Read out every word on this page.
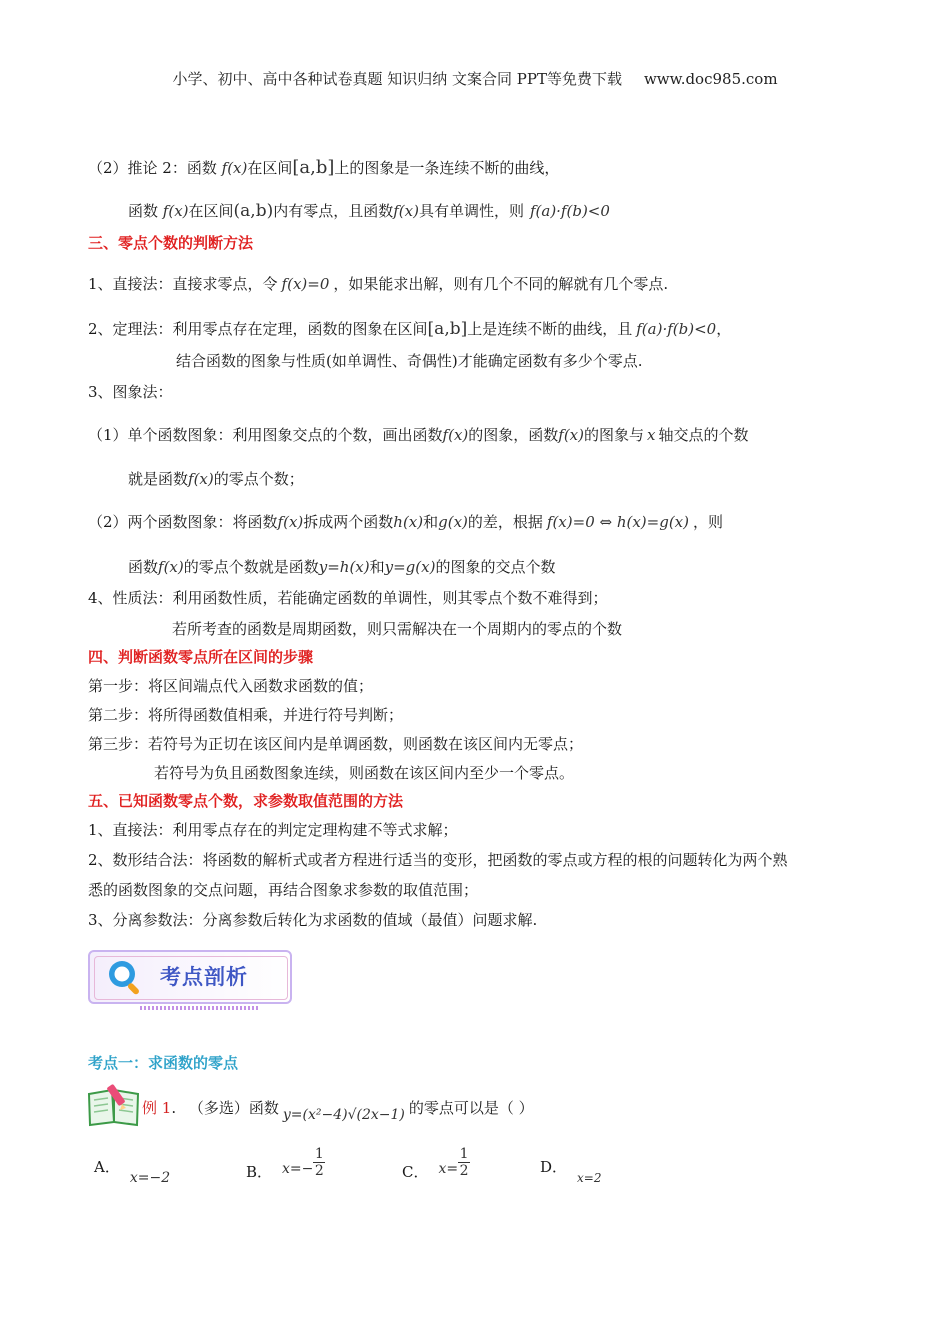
小学、初中、高中各种试卷真题 知识归纳 文案合同 PPT等免费下载 www.doc985.com
（2）推论 2：函数 f(x)在区间[a,b]上的图象是一条连续不断的曲线，
函数 f(x)在区间(a,b)内有零点，且函数f(x)具有单调性，则 f(a)·f(b)<0
三、零点个数的判断方法
1、直接法：直接求零点，令 f(x)=0 ，如果能求出解，则有几个不同的解就有几个零点.
2、定理法：利用零点存在定理，函数的图象在区间[a,b]上是连续不断的曲线，且 f(a)·f(b)<0，
结合函数的图象与性质(如单调性、奇偶性)才能确定函数有多少个零点.
3、图象法：
（1）单个函数图象：利用图象交点的个数，画出函数f(x)的图象，函数f(x)的图象与 x 轴交点的个数
就是函数f(x)的零点个数；
（2）两个函数图象：将函数f(x)拆成两个函数h(x)和g(x)的差，根据 f(x)=0 ⇔ h(x)=g(x) ，则
函数f(x)的零点个数就是函数y=h(x)和y=g(x)的图象的交点个数
4、性质法：利用函数性质，若能确定函数的单调性，则其零点个数不难得到；
若所考查的函数是周期函数，则只需解决在一个周期内的零点的个数
四、判断函数零点所在区间的步骤
第一步：将区间端点代入函数求函数的值；
第二步：将所得函数值相乘，并进行符号判断；
第三步：若符号为正切在该区间内是单调函数，则函数在该区间内无零点；
若符号为负且函数图象连续，则函数在该区间内至少一个零点。
五、已知函数零点个数，求参数取值范围的方法
1、直接法：利用零点存在的判定定理构建不等式求解；
2、数形结合法：将函数的解析式或者方程进行适当的变形，把函数的零点或方程的根的问题转化为两个熟
悉的函数图象的交点问题，再结合图象求参数的取值范围；
3、分离参数法：分离参数后转化为求函数的值域（最值）问题求解.
考点剖析
考点一：求函数的零点
例 1. （多选）函数 y=(x²−4)√(2x−1) 的零点可以是（ ）
A．x=−2	B． $x=- \frac{1}{2}$	C． $x= \frac{1}{2}$	D．$_{x=2}$
